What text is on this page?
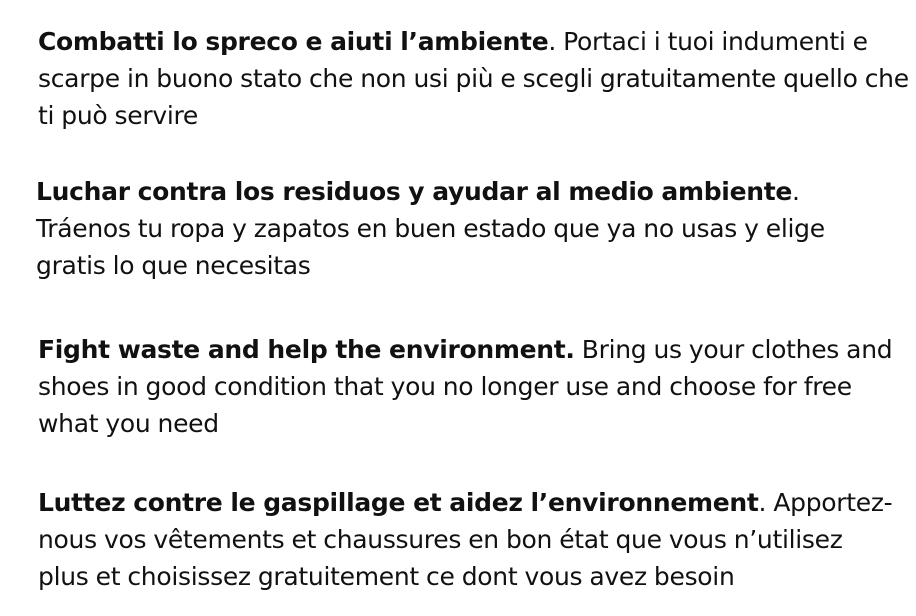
Combatti lo spreco e aiuti l’ambiente. Portaci i tuoi indumenti e scarpe in buono stato che non usi più e scegli gratuitamente quello che ti può servire

Luchar contra los residuos y ayudar al medio ambiente. Tráenos tu ropa y zapatos en buen estado que ya no usas y elige gratis lo que necesitas

Fight waste and help the environment. Bring us your clothes and shoes in good condition that you no longer use and choose for free what you need

Luttez contre le gaspillage et aidez l’environnement. Apportez-nous vos vêtements et chaussures en bon état que vous n’utilisez plus et choisissez gratuitement ce dont vous avez besoin
